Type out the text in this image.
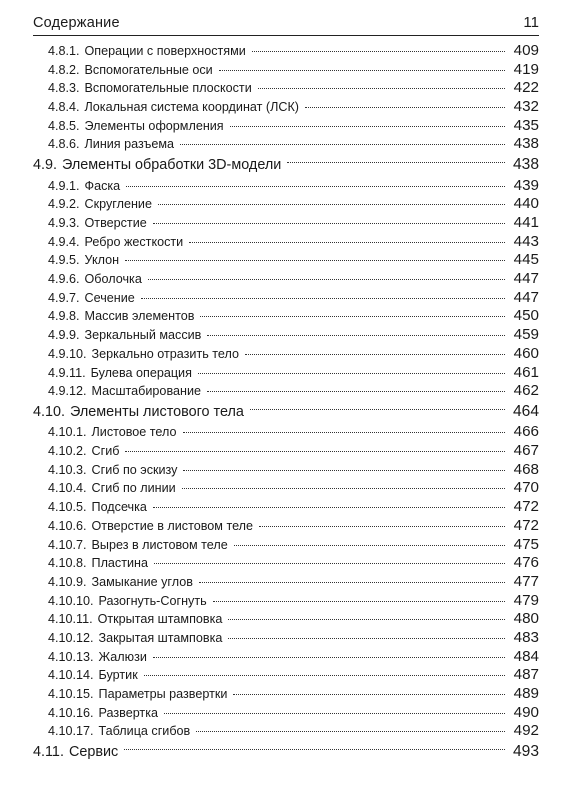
Содержание	11
4.8.1. Операции с поверхностями	409
4.8.2. Вспомогательные оси	419
4.8.3. Вспомогательные плоскости	422
4.8.4. Локальная система координат (ЛСК)	432
4.8.5. Элементы оформления	435
4.8.6. Линия разъема	438
4.9. Элементы обработки 3D-модели	438
4.9.1. Фаска	439
4.9.2. Скругление	440
4.9.3. Отверстие	441
4.9.4. Ребро жесткости	443
4.9.5. Уклон	445
4.9.6. Оболочка	447
4.9.7. Сечение	447
4.9.8. Массив элементов	450
4.9.9. Зеркальный массив	459
4.9.10. Зеркально отразить тело	460
4.9.11. Булева операция	461
4.9.12. Масштабирование	462
4.10. Элементы листового тела	464
4.10.1. Листовое тело	466
4.10.2. Сгиб	467
4.10.3. Сгиб по эскизу	468
4.10.4. Сгиб по линии	470
4.10.5. Подсечка	472
4.10.6. Отверстие в листовом теле	472
4.10.7. Вырез в листовом теле	475
4.10.8. Пластина	476
4.10.9. Замыкание углов	477
4.10.10. Разогнуть-Согнуть	479
4.10.11. Открытая штамповка	480
4.10.12. Закрытая штамповка	483
4.10.13. Жалюзи	484
4.10.14. Буртик	487
4.10.15. Параметры развертки	489
4.10.16. Развертка	490
4.10.17. Таблица сгибов	492
4.11. Сервис	493
